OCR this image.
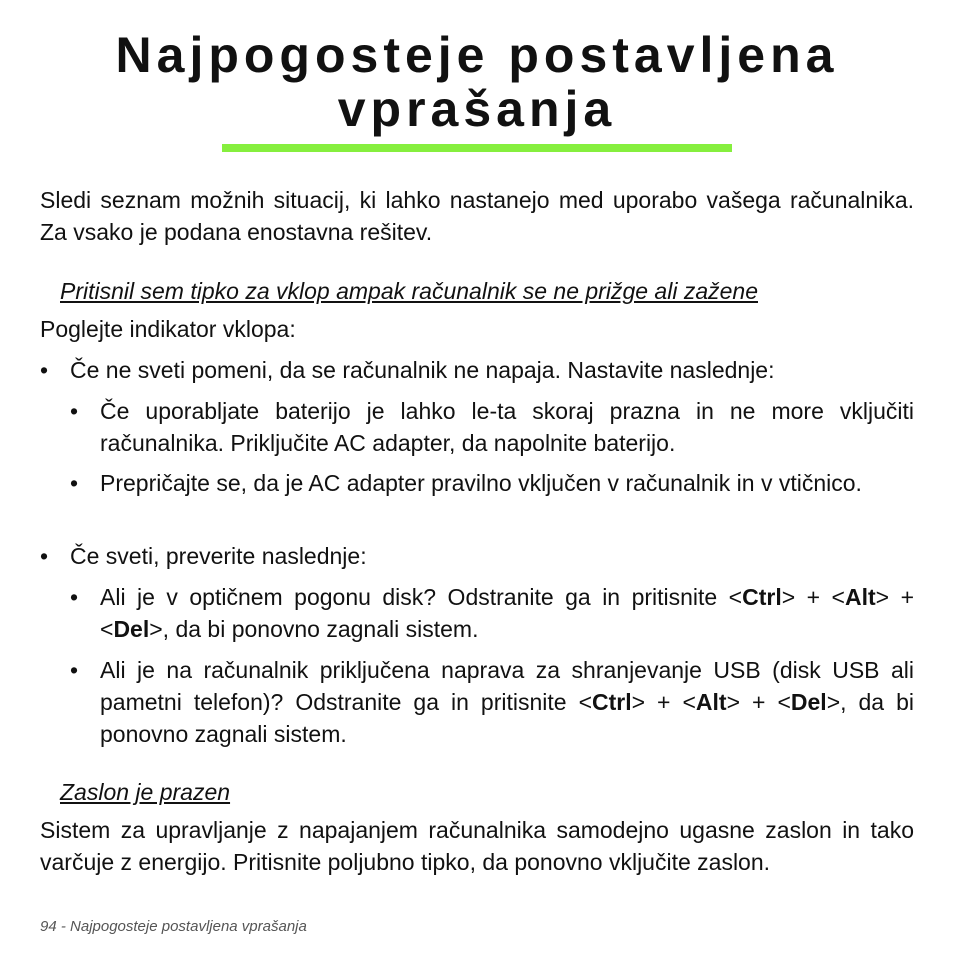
Najpogosteje postavljena
vprašanja

Sledi seznam možnih situacij, ki lahko nastanejo med uporabo vašega računalnika. Za vsako je podana enostavna rešitev.

Pritisnil sem tipko za vklop ampak računalnik se ne prižge ali zažene

Poglejte indikator vklopa:

• Če ne sveti pomeni, da se računalnik ne napaja. Nastavite naslednje:

• Če uporabljate baterijo je lahko le-ta skoraj prazna in ne more vključiti računalnika. Priključite AC adapter, da napolnite baterijo.

• Prepričajte se, da je AC adapter pravilno vključen v računalnik in v vtičnico.

• Če sveti, preverite naslednje:

• Ali je v optičnem pogonu disk? Odstranite ga in pritisnite <Ctrl> + <Alt> + <Del>, da bi ponovno zagnali sistem.

• Ali je na računalnik priključena naprava za shranjevanje USB (disk USB ali pametni telefon)? Odstranite ga in pritisnite <Ctrl> + <Alt> + <Del>, da bi ponovno zagnali sistem.

Zaslon je prazen

Sistem za upravljanje z napajanjem računalnika samodejno ugasne zaslon in tako varčuje z energijo. Pritisnite poljubno tipko, da ponovno vključite zaslon.

94 - Najpogosteje postavljena vprašanja
